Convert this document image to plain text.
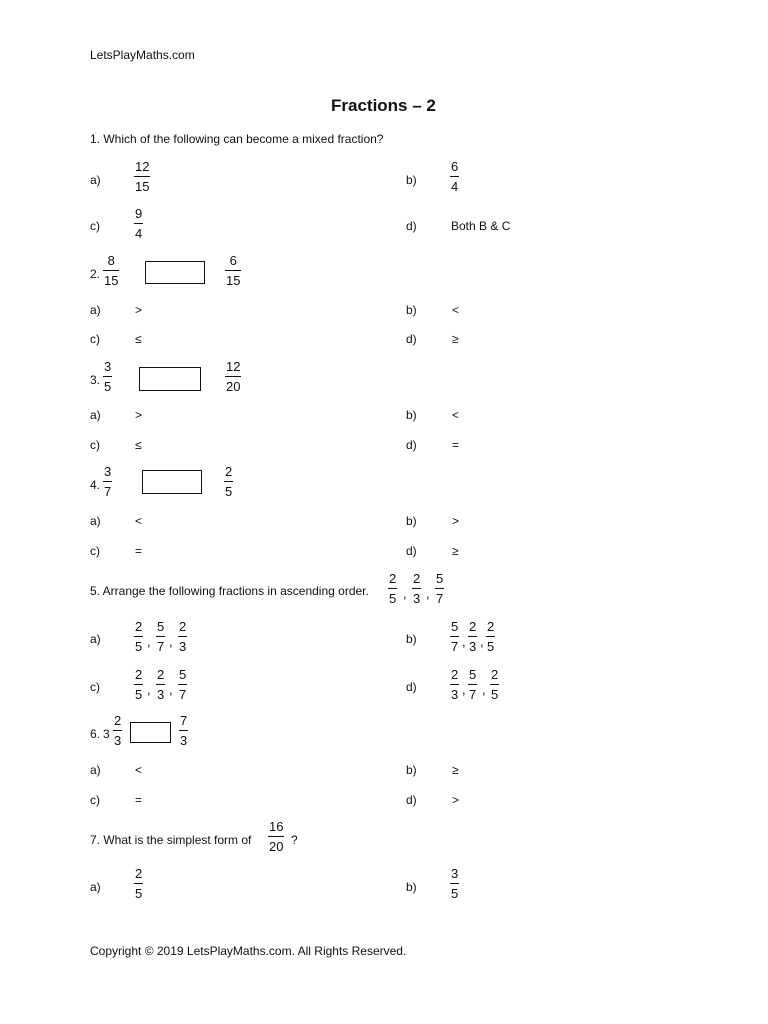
LetsPlayMaths.com
Fractions – 2
1. Which of the following can become a mixed fraction?
a)
12
15	b)
6
4
c)
9
4	d)	Both B & C
2.
8
15
6
15
a)	>	b)	<
c)	≤	d)	≥
3.
3
5
12
20
a)	>	b)	<
c)	≤	d)	=
4.
3
7
2
5
a)	<	b)	>
c)	=	d)	≥
5. Arrange the following fractions in ascending order.
2
5 ,
2
3 ,
5
7
a)
2
5 ,
5
7 ,
2
3	b)
5
7 ,
2
3 ,
2
5
c)
2
5 ,
2
3 ,
5
7	d)
2
3 ,
5
7 ,
2
5
6. 3
2
3
7
3
a)	<	b)	≥
c)	=	d)	>
7. What is the simplest form of
16
20 ?
a)
2
5	b)
3
5
Copyright © 2019 LetsPlayMaths.com. All Rights Reserved.
